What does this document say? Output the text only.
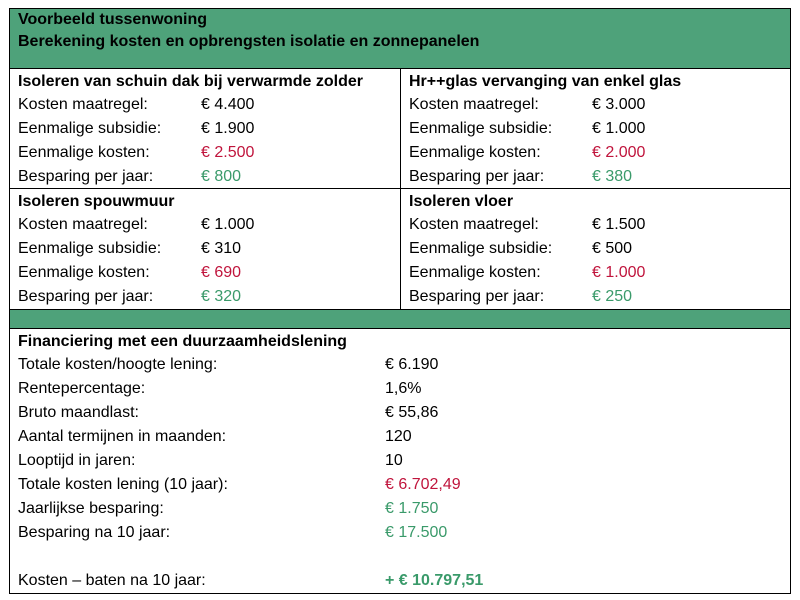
Voorbeeld tussenwoning
Berekening kosten en opbrengsten isolatie en zonnepanelen
Isoleren van schuin dak bij verwarmde zolder
Kosten maatregel:	€ 4.400
Eenmalige subsidie: € 1.900
Eenmalige kosten:	€ 2.500
Besparing per jaar:	€ 800
Hr++glas vervanging van enkel glas
Kosten maatregel:	€ 3.000
Eenmalige subsidie: € 1.000
Eenmalige kosten:	€ 2.000
Besparing per jaar:	€ 380
Isoleren spouwmuur
Kosten maatregel:	€ 1.000
Eenmalige subsidie: € 310
Eenmalige kosten:	€ 690
Besparing per jaar:	€ 320
Isoleren vloer
Kosten maatregel:	€ 1.500
Eenmalige subsidie: € 500
Eenmalige kosten:	€ 1.000
Besparing per jaar:	€ 250
Financiering met een duurzaamheidslening
Totale kosten/hoogte lening:	€ 6.190
Rentepercentage:	1,6%
Bruto maandlast:	€ 55,86
Aantal termijnen in maanden:	120
Looptijd in jaren:	10
Totale kosten lening (10 jaar):	€ 6.702,49
Jaarlijkse besparing:	€ 1.750
Besparing na 10 jaar:	€ 17.500
Kosten – baten na 10 jaar:	+ € 10.797,51
